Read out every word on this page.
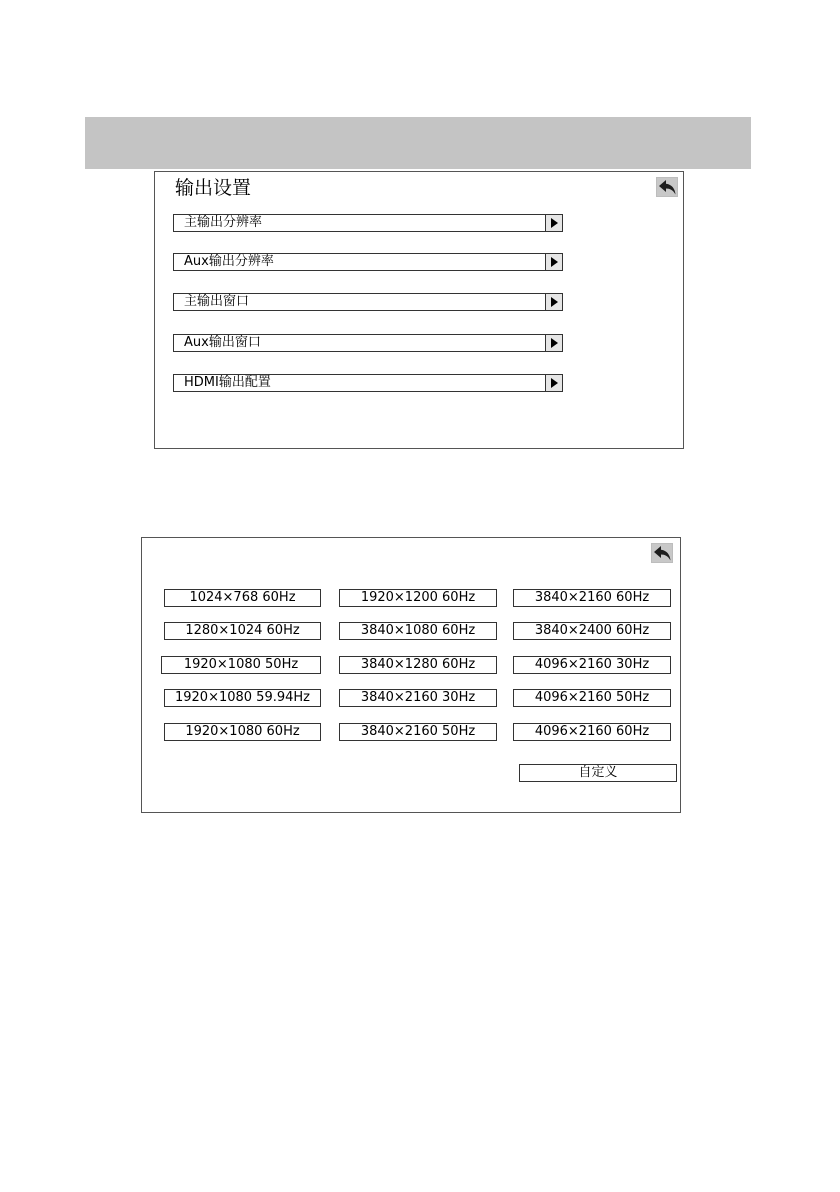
输出设置
主输出分辨率
Aux输出分辨率
主输出窗口
Aux输出窗口
HDMI输出配置
1024×768 60Hz	1920×1200 60Hz	3840×2160 60Hz
1280×1024 60Hz	3840×1080 60Hz	3840×2400 60Hz
1920×1080 50Hz	3840×1280 60Hz	4096×2160 30Hz
1920×1080 59.94Hz	3840×2160 30Hz	4096×2160 50Hz
1920×1080 60Hz	3840×2160 50Hz	4096×2160 60Hz
自定义
